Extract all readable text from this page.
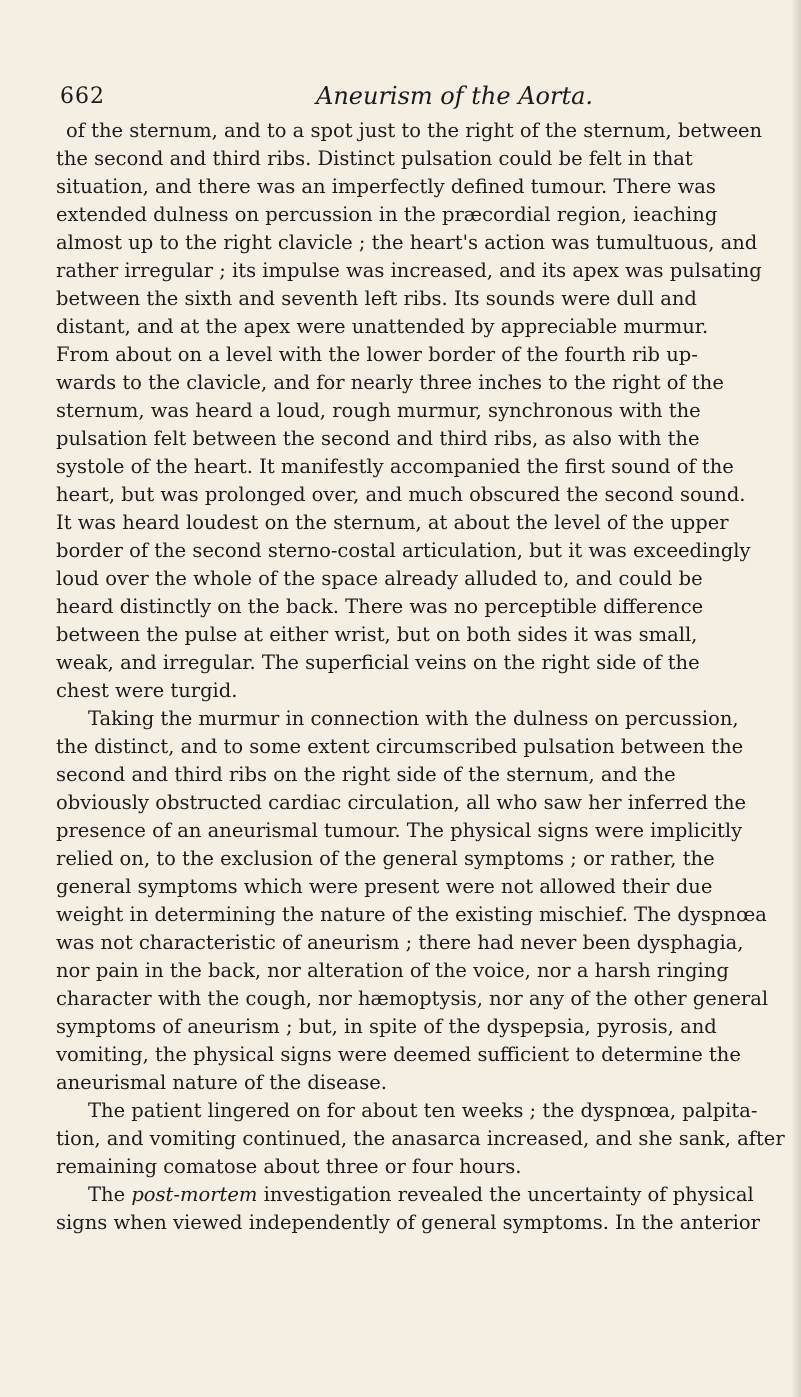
662	Aneurism of the Aorta.
of the sternum, and to a spot just to the right of the sternum, between
the second and third ribs. Distinct pulsation could be felt in that
situation, and there was an imperfectly defined tumour. There was
extended dulness on percussion in the præcordial region, ieaching
almost up to the right clavicle ; the heart's action was tumultuous, and
rather irregular ; its impulse was increased, and its apex was pulsating
between the sixth and seventh left ribs. Its sounds were dull and
distant, and at the apex were unattended by appreciable murmur.
From about on a level with the lower border of the fourth rib up-
wards to the clavicle, and for nearly three inches to the right of the
sternum, was heard a loud, rough murmur, synchronous with the
pulsation felt between the second and third ribs, as also with the
systole of the heart. It manifestly accompanied the first sound of the
heart, but was prolonged over, and much obscured the second sound.
It was heard loudest on the sternum, at about the level of the upper
border of the second sterno-costal articulation, but it was exceedingly
loud over the whole of the space already alluded to, and could be
heard distinctly on the back. There was no perceptible difference
between the pulse at either wrist, but on both sides it was small,
weak, and irregular. The superficial veins on the right side of the
chest were turgid.
Taking the murmur in connection with the dulness on percussion,
the distinct, and to some extent circumscribed pulsation between the
second and third ribs on the right side of the sternum, and the
obviously obstructed cardiac circulation, all who saw her inferred the
presence of an aneurismal tumour. The physical signs were implicitly
relied on, to the exclusion of the general symptoms ; or rather, the
general symptoms which were present were not allowed their due
weight in determining the nature of the existing mischief. The dyspnœa
was not characteristic of aneurism ; there had never been dysphagia,
nor pain in the back, nor alteration of the voice, nor a harsh ringing
character with the cough, nor hæmoptysis, nor any of the other general
symptoms of aneurism ; but, in spite of the dyspepsia, pyrosis, and
vomiting, the physical signs were deemed sufficient to determine the
aneurismal nature of the disease.
The patient lingered on for about ten weeks ; the dyspnœa, palpita-
tion, and vomiting continued, the anasarca increased, and she sank, after
remaining comatose about three or four hours.
The post-mortem investigation revealed the uncertainty of physical
signs when viewed independently of general symptoms. In the anterior
